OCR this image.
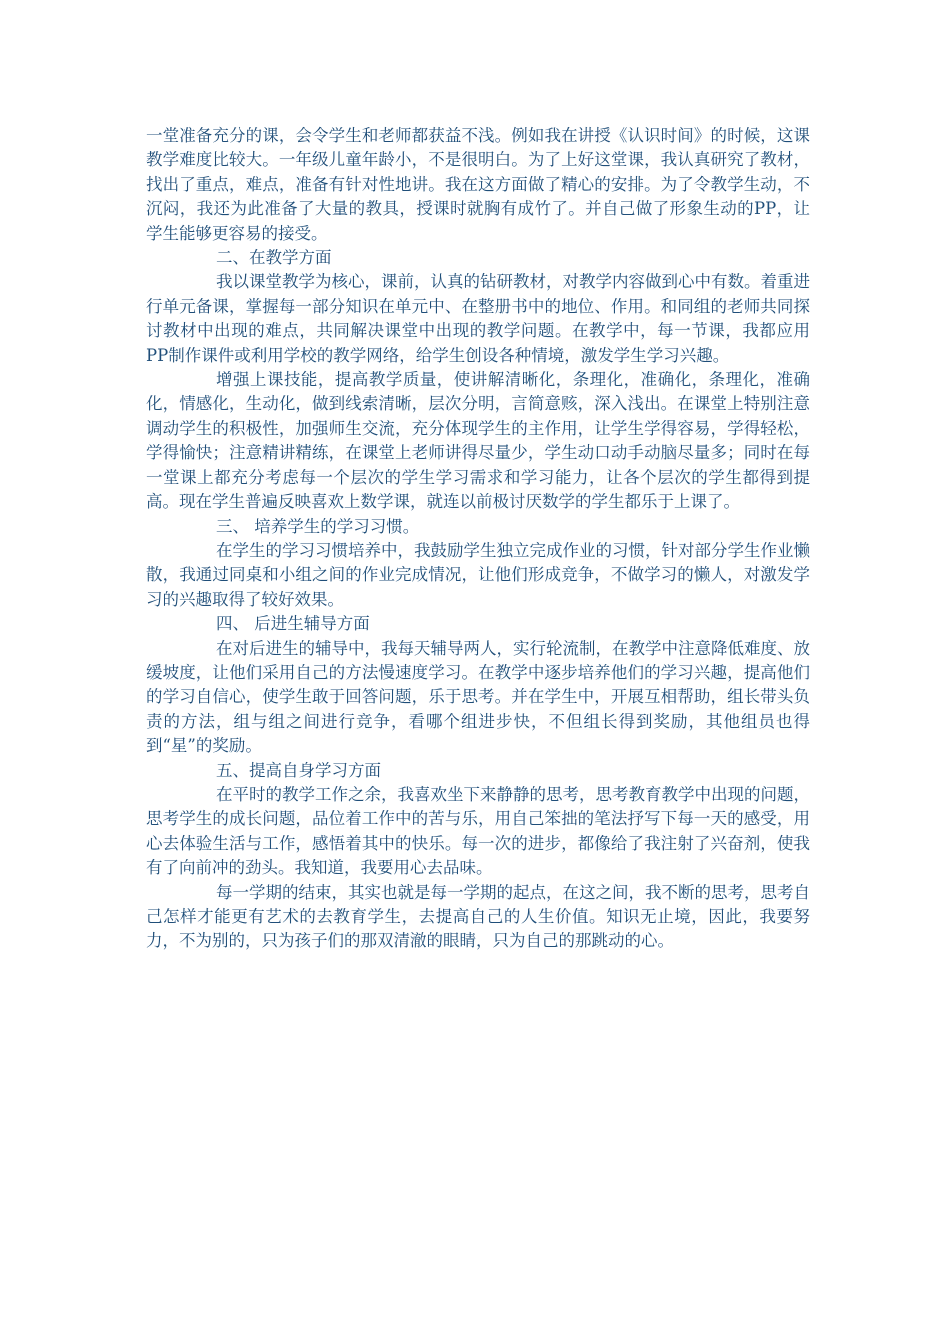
一堂准备充分的课，会令学生和老师都获益不浅。例如我在讲授《认识时间》的时候，这课教学难度比较大。一年级儿童年龄小，不是很明白。为了上好这堂课，我认真研究了教材，找出了重点，难点，准备有针对性地讲。我在这方面做了精心的安排。为了令教学生动，不沉闷，我还为此准备了大量的教具，授课时就胸有成竹了。并自己做了形象生动的PP，让学生能够更容易的接受。

二、在教学方面

我以课堂教学为核心，课前，认真的钻研教材，对教学内容做到心中有数。着重进行单元备课，掌握每一部分知识在单元中、在整册书中的地位、作用。和同组的老师共同探讨教材中出现的难点，共同解决课堂中出现的教学问题。在教学中，每一节课，我都应用PP制作课件或利用学校的教学网络，给学生创设各种情境，激发学生学习兴趣。

增强上课技能，提高教学质量，使讲解清晰化，条理化，准确化，条理化，准确化，情感化，生动化，做到线索清晰，层次分明，言简意赅，深入浅出。在课堂上特别注意调动学生的积极性，加强师生交流，充分体现学生的主作用，让学生学得容易，学得轻松，学得愉快；注意精讲精练，在课堂上老师讲得尽量少，学生动口动手动脑尽量多；同时在每一堂课上都充分考虑每一个层次的学生学习需求和学习能力，让各个层次的学生都得到提高。现在学生普遍反映喜欢上数学课，就连以前极讨厌数学的学生都乐于上课了。

三、 培养学生的学习习惯。

在学生的学习习惯培养中，我鼓励学生独立完成作业的习惯，针对部分学生作业懒散，我通过同桌和小组之间的作业完成情况，让他们形成竞争，不做学习的懒人，对激发学习的兴趣取得了较好效果。

四、 后进生辅导方面

在对后进生的辅导中，我每天辅导两人，实行轮流制，在教学中注意降低难度、放缓坡度，让他们采用自己的方法慢速度学习。在教学中逐步培养他们的学习兴趣，提高他们的学习自信心，使学生敢于回答问题，乐于思考。并在学生中，开展互相帮助，组长带头负责的方法，组与组之间进行竞争，看哪个组进步快，不但组长得到奖励，其他组员也得到“星”的奖励。

五、提高自身学习方面

在平时的教学工作之余，我喜欢坐下来静静的思考，思考教育教学中出现的问题，思考学生的成长问题，品位着工作中的苦与乐，用自己笨拙的笔法抒写下每一天的感受，用心去体验生活与工作，感悟着其中的快乐。每一次的进步，都像给了我注射了兴奋剂，使我有了向前冲的劲头。我知道，我要用心去品味。

每一学期的结束，其实也就是每一学期的起点，在这之间，我不断的思考，思考自己怎样才能更有艺术的去教育学生，去提高自己的人生价值。知识无止境，因此，我要努力，不为别的，只为孩子们的那双清澈的眼睛，只为自己的那跳动的心。
